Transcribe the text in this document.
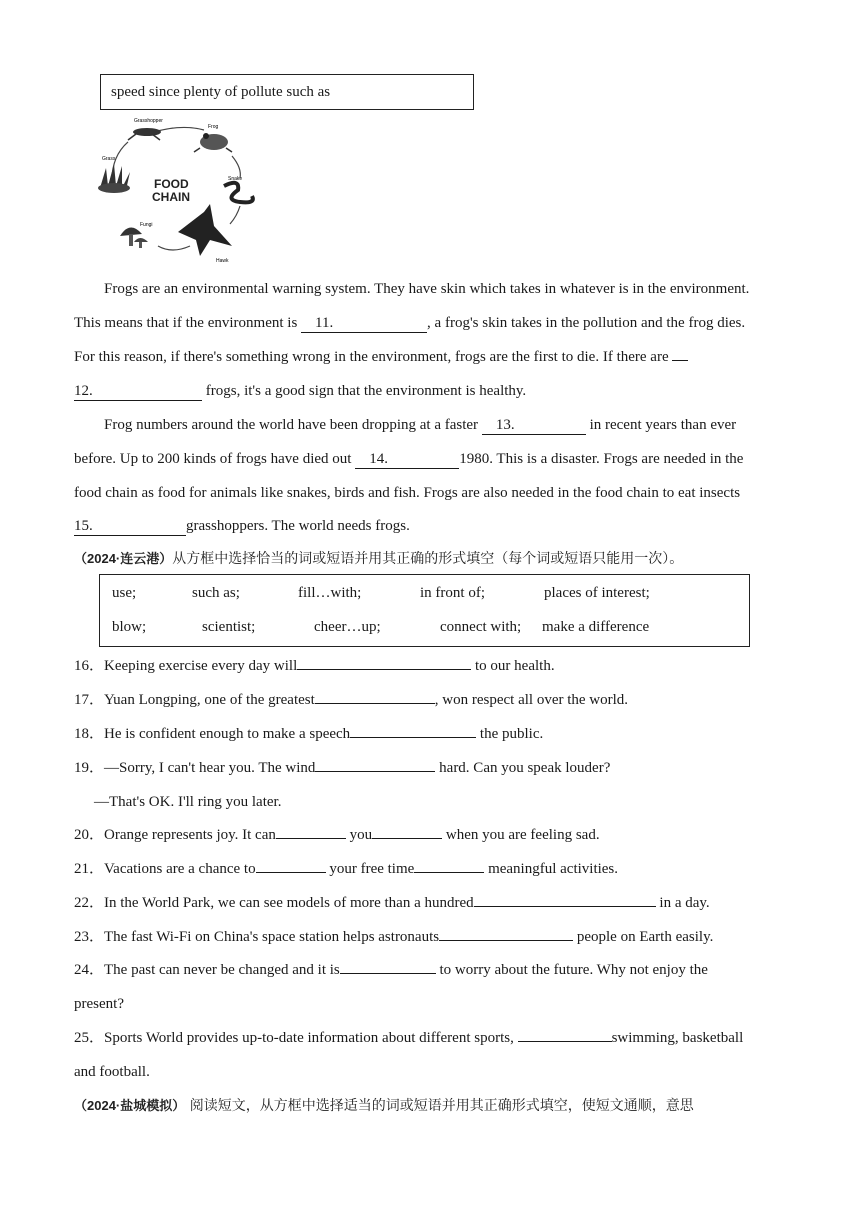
speed since plenty of pollute such as
Grasshopper
Frog
Grass
Snake
Fungi
Hawk
FOOD
CHAIN
Frogs are an environmental warning system. They have skin which takes in whatever is in the environment.
This means that if the environment is 11.	, a frog's skin takes in the pollution and the frog dies.
For this reason, if there's something wrong in the environment, frogs are the first to die. If there are
12.	frogs, it's a good sign that the environment is healthy.
Frog numbers around the world have been dropping at a faster 13.	in recent years than ever
before. Up to 200 kinds of frogs have died out 14.	1980. This is a disaster. Frogs are needed in the
food chain as food for animals like snakes, birds and fish. Frogs are also needed in the food chain to eat insects
15.	grasshoppers. The world needs frogs.
（2024·连云港）从方框中选择恰当的词或短语并用其正确的形式填空（每个词或短语只能用一次）。
use;	such as;	fill…with;	in front of;	places of interest;
blow;	scientist;	cheer…up;	connect with; make a difference
16．Keeping exercise every day will	to our health.
17．Yuan Longping, one of the greatest	, won respect all over the world.
18．He is confident enough to make a speech	the public.
19．—Sorry, I can't hear you. The wind	hard. Can you speak louder?
—That's OK. I'll ring you later.
20．Orange represents joy. It can	you	when you are feeling sad.
21．Vacations are a chance to	your free time	meaningful activities.
22．In the World Park, we can see models of more than a hundred	in a day.
23．The fast Wi-Fi on China's space station helps astronauts	people on Earth easily.
24．The past can never be changed and it is	to worry about the future. Why not enjoy the
present?
25．Sports World provides up-to-date information about different sports,	swimming, basketball
and football.
（2024·盐城模拟） 阅读短文，从方框中选择适当的词或短语并用其正确形式填空，使短文通顺，意思
